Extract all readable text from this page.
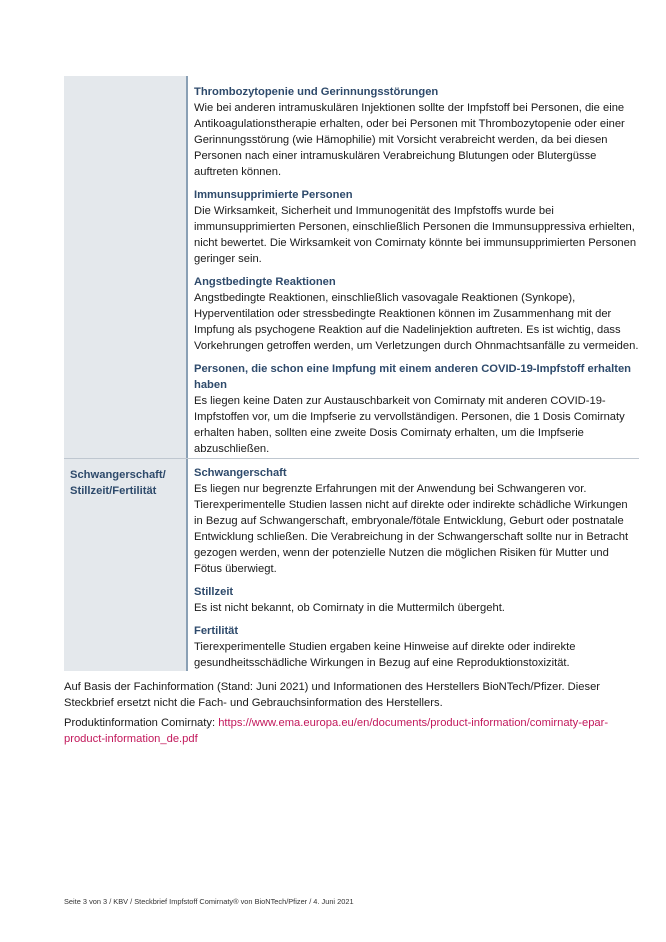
Thrombozytopenie und Gerinnungsstörungen
Wie bei anderen intramuskulären Injektionen sollte der Impfstoff bei Personen, die eine Antikoagulationstherapie erhalten, oder bei Personen mit Thrombozytopenie oder einer Gerinnungsstörung (wie Hämophilie) mit Vorsicht verabreicht werden, da bei diesen Personen nach einer intramuskulären Verabreichung Blutungen oder Blutergüsse auftreten können.
Immunsupprimierte Personen
Die Wirksamkeit, Sicherheit und Immunogenität des Impfstoffs wurde bei immunsupprimierten Personen, einschließlich Personen die Immunsuppressiva erhielten, nicht bewertet. Die Wirksamkeit von Comirnaty könnte bei immunsupprimierten Personen geringer sein.
Angstbedingte Reaktionen
Angstbedingte Reaktionen, einschließlich vasovagale Reaktionen (Synkope), Hyperventilation oder stressbedingte Reaktionen können im Zusammenhang mit der Impfung als psychogene Reaktion auf die Nadelinjektion auftreten. Es ist wichtig, dass Vorkehrungen getroffen werden, um Verletzungen durch Ohnmachtsanfälle zu vermeiden.
Personen, die schon eine Impfung mit einem anderen COVID-19-Impfstoff erhalten haben
Es liegen keine Daten zur Austauschbarkeit von Comirnaty mit anderen COVID-19-Impfstoffen vor, um die Impfserie zu vervollständigen. Personen, die 1 Dosis Comirnaty erhalten haben, sollten eine zweite Dosis Comirnaty erhalten, um die Impfserie abzuschließen.
Schwangerschaft/ Stillzeit/Fertilität
Schwangerschaft
Es liegen nur begrenzte Erfahrungen mit der Anwendung bei Schwangeren vor. Tierexperimentelle Studien lassen nicht auf direkte oder indirekte schädliche Wirkungen in Bezug auf Schwangerschaft, embryonale/fötale Entwicklung, Geburt oder postnatale Entwicklung schließen. Die Verabreichung in der Schwangerschaft sollte nur in Betracht gezogen werden, wenn der potenzielle Nutzen die möglichen Risiken für Mutter und Fötus überwiegt.
Stillzeit
Es ist nicht bekannt, ob Comirnaty in die Muttermilch übergeht.
Fertilität
Tierexperimentelle Studien ergaben keine Hinweise auf direkte oder indirekte gesundheitsschädliche Wirkungen in Bezug auf eine Reproduktionstoxizität.
Auf Basis der Fachinformation (Stand: Juni 2021) und Informationen des Herstellers BioNTech/Pfizer. Dieser Steckbrief ersetzt nicht die Fach- und Gebrauchsinformation des Herstellers.
Produktinformation Comirnaty: https://www.ema.europa.eu/en/documents/product-information/comirnaty-epar-product-information_de.pdf
Seite 3 von 3 / KBV / Steckbrief Impfstoff Comirnaty® von BioNTech/Pfizer / 4. Juni 2021
